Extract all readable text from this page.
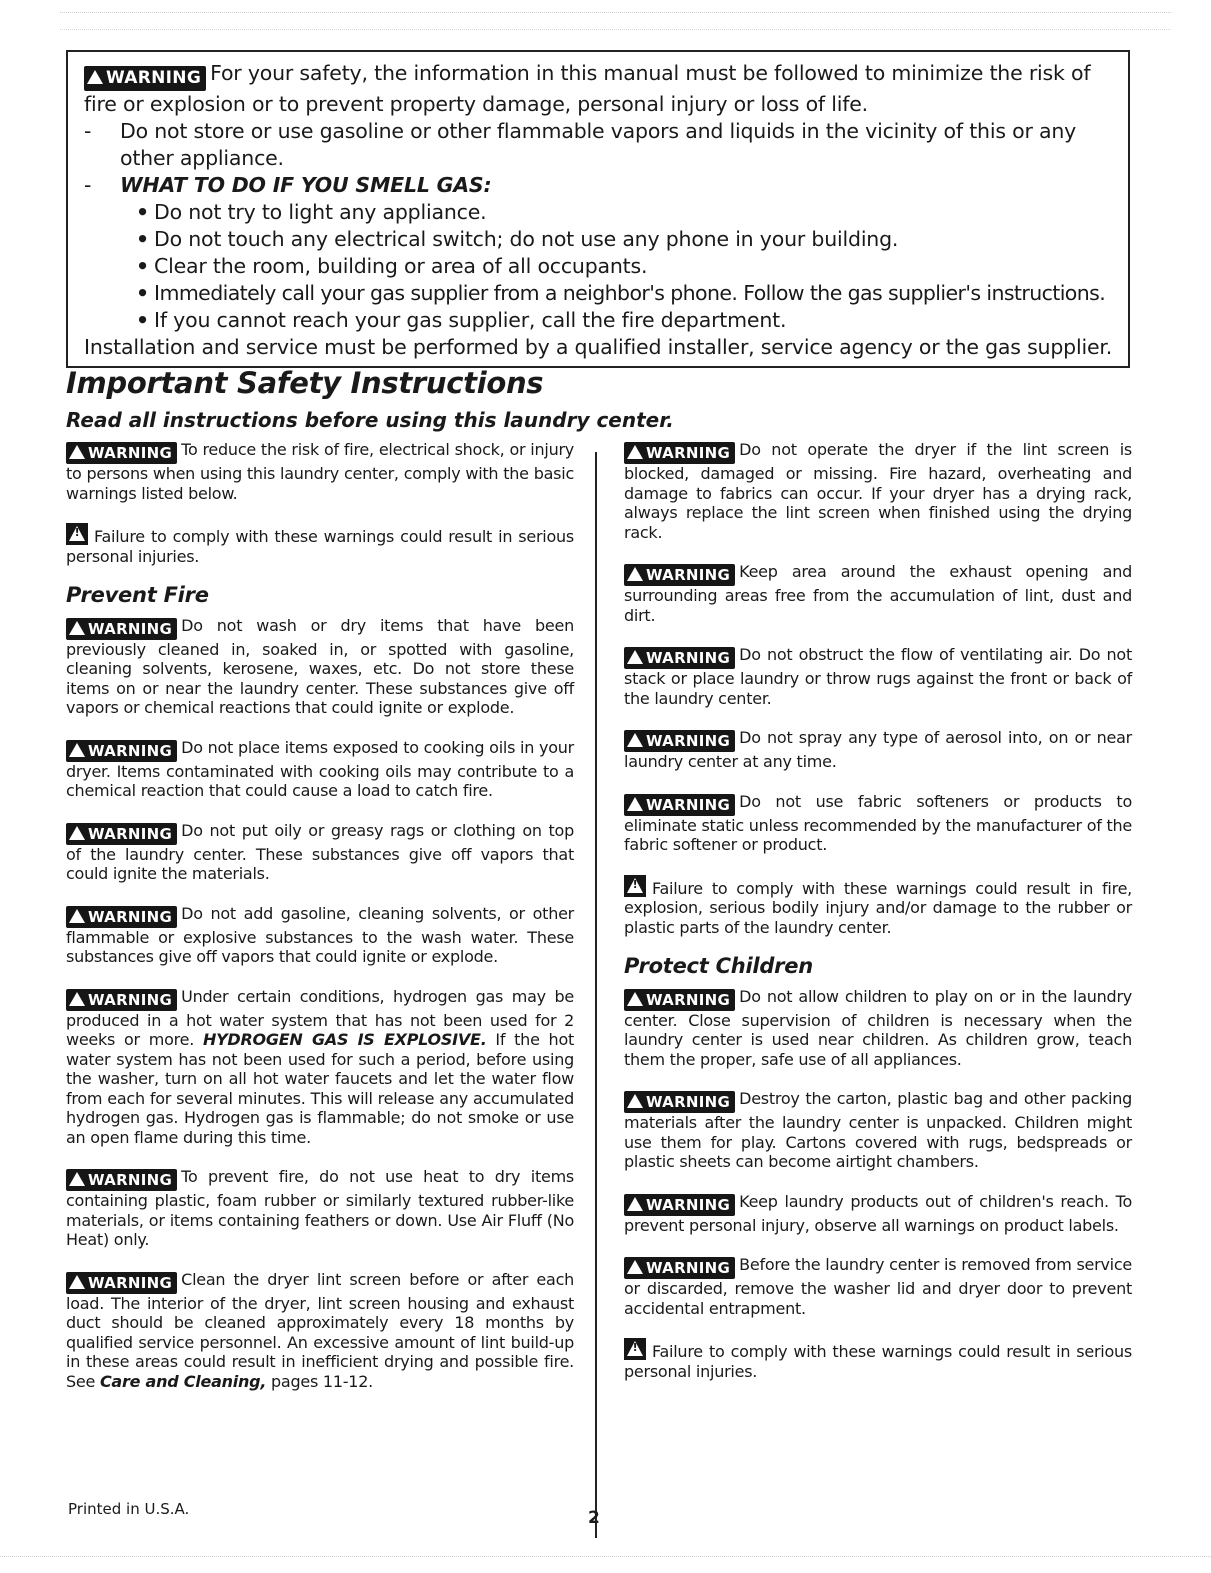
WARNING For your safety, the information in this manual must be followed to minimize the risk of fire or explosion or to prevent property damage, personal injury or loss of life.

- Do not store or use gasoline or other flammable vapors and liquids in the vicinity of this or any other appliance.
- WHAT TO DO IF YOU SMELL GAS:
• Do not try to light any appliance.
• Do not touch any electrical switch; do not use any phone in your building.
• Clear the room, building or area of all occupants.
• Immediately call your gas supplier from a neighbor's phone. Follow the gas supplier's instructions.
• If you cannot reach your gas supplier, call the fire department.

Installation and service must be performed by a qualified installer, service agency or the gas supplier.

Important Safety Instructions
Read all instructions before using this laundry center.

WARNING To reduce the risk of fire, electrical shock, or injury to persons when using this laundry center, comply with the basic warnings listed below.

!Failure to comply with these warnings could result in serious personal injuries.

Prevent Fire

WARNING Do not wash or dry items that have been previously cleaned in, soaked in, or spotted with gasoline, cleaning solvents, kerosene, waxes, etc. Do not store these items on or near the laundry center. These substances give off vapors or chemical reactions that could ignite or explode.

WARNING Do not place items exposed to cooking oils in your dryer. Items contaminated with cooking oils may contribute to a chemical reaction that could cause a load to catch fire.

WARNING Do not put oily or greasy rags or clothing on top of the laundry center. These substances give off vapors that could ignite the materials.

WARNING Do not add gasoline, cleaning solvents, or other flammable or explosive substances to the wash water. These substances give off vapors that could ignite or explode.

WARNING Under certain conditions, hydrogen gas may be produced in a hot water system that has not been used for 2 weeks or more. HYDROGEN GAS IS EXPLOSIVE. If the hot water system has not been used for such a period, before using the washer, turn on all hot water faucets and let the water flow from each for several minutes. This will release any accumulated hydrogen gas. Hydrogen gas is flammable; do not smoke or use an open flame during this time.

WARNING To prevent fire, do not use heat to dry items containing plastic, foam rubber or similarly textured rubber-like materials, or items containing feathers or down. Use Air Fluff (No Heat) only.

WARNING Clean the dryer lint screen before or after each load. The interior of the dryer, lint screen housing and exhaust duct should be cleaned approximately every 18 months by qualified service personnel. An excessive amount of lint build-up in these areas could result in inefficient drying and possible fire. See Care and Cleaning, pages 11-12.

WARNING Do not operate the dryer if the lint screen is blocked, damaged or missing. Fire hazard, overheating and damage to fabrics can occur. If your dryer has a drying rack, always replace the lint screen when finished using the drying rack.

WARNING Keep area around the exhaust opening and surrounding areas free from the accumulation of lint, dust and dirt.

WARNING Do not obstruct the flow of ventilating air. Do not stack or place laundry or throw rugs against the front or back of the laundry center.

WARNING Do not spray any type of aerosol into, on or near laundry center at any time.

WARNING Do not use fabric softeners or products to eliminate static unless recommended by the manufacturer of the fabric softener or product.

!Failure to comply with these warnings could result in fire, explosion, serious bodily injury and/or damage to the rubber or plastic parts of the laundry center.

Protect Children

WARNING Do not allow children to play on or in the laundry center. Close supervision of children is necessary when the laundry center is used near children. As children grow, teach them the proper, safe use of all appliances.

WARNING Destroy the carton, plastic bag and other packing materials after the laundry center is unpacked. Children might use them for play. Cartons covered with rugs, bedspreads or plastic sheets can become airtight chambers.

WARNING Keep laundry products out of children's reach. To prevent personal injury, observe all warnings on product labels.

WARNING Before the laundry center is removed from service or discarded, remove the washer lid and dryer door to prevent accidental entrapment.

!Failure to comply with these warnings could result in serious personal injuries.

Printed in U.S.A.	2
